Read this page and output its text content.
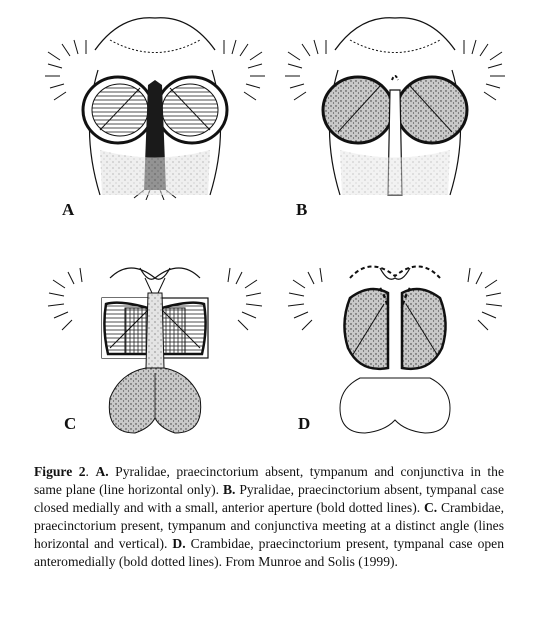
A	B
C	D
Figure 2. A. Pyralidae, praecinctorium absent, tympanum and conjunctiva in the same plane (line horizontal only). B. Pyralidae, praecinctorium absent, tympanal case closed medially and with a small, anterior aperture (bold dotted lines). C. Crambidae, praecinctorium present, tympanum and conjunctiva meeting at a distinct angle (lines horizontal and vertical). D. Crambidae, praecinctorium present, tympanal case open anteromedially (bold dotted lines). From Munroe and Solis (1999).
